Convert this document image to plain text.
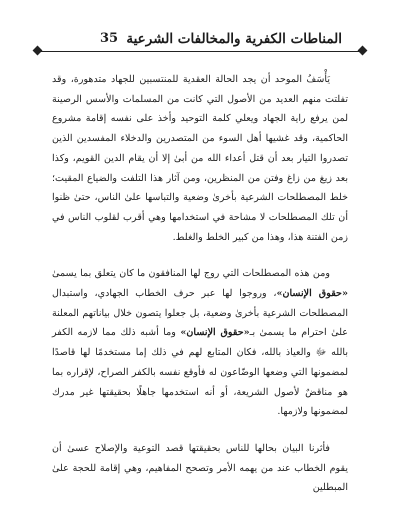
المناطات الكفرية والمخالفات الشرعية
35

يَأْسَفُ الموحد أن يجد الحالة العقدية للمنتسبين للجهاد متدهورة، وقد تفلتت منهم العديد من الأصول التي كانت من المسلمات والأسس الرصينة لمن يرفع راية الجهاد ويعلي كلمة التوحيد وأخذ على نفسه إقامة مشروع الحاكمية، وقد غشيها أهل السوء من المتصدرين والدخلاء المفسدين الذين تصدروا التيار بعد أن قتل أعداء الله من أبىٰ إلا أن يقام الدين القويم، وكذا بعد زيغ من زاغ وفتن من المنظرين، ومن آثار هذا التلفت والضياع المقيت؛ خلط المصطلحات الشرعية بأخرىٰ وضعية والتباسها علىٰ الناس، حتىٰ ظنوا أن تلك المصطلحات لا مشاحة في استخدامها وهي أقرب لقلوب الناس في زمن الفتنة هذا، وهذا من كبير الخلط والغلط.

ومن هذه المصطلحات التي روج لها المنافقون ما كان يتعلق بما يسمىٰ «حقوق الإنسان»، وروجوا لها عبر حرف الخطاب الجهادي، واستبدال المصطلحات الشرعية بأخرىٰ وضعية، بل جعلوا يتصون خلال بياناتهم المعلنة علىٰ احترام ما يسمىٰ بـ«حقوق الإنسان» وما أشبه ذلك مما لازمه الكفر بالله ﷻ والعياذ بالله، فكان المتابع لهم في ذلك إما مستخدمًا لها قاصدًا لمضمونها التي وضعها الوضّاعون له فأوقع نفسه بالكفر الصراح، لإقراره بما هو مناقضٌ لأصول الشريعة، أو أنه استخدمها جاهلًا بحقيقتها غير مدرك لمضمونها ولازمها.

فأثرنا البيان بحالها للناس بحقيقتها قصد التوعية والإصلاح عسىٰ أن يقوم الخطاب عند من يهمه الأمر وتصحح المفاهيم، وهي إقامة للحجة علىٰ المبطلين
